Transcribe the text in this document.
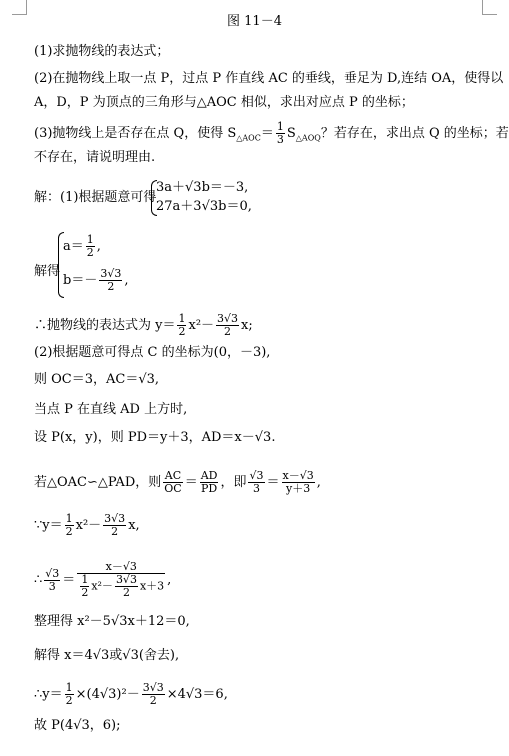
图 11－4
(1)求抛物线的表达式；
(2)在抛物线上取一点 P，过点 P 作直线 AC 的垂线，垂足为 D,连结 OA，使得以
A，D，P 为顶点的三角形与△AOC 相似，求出对应点 P 的坐标；
(3)抛物线上是否存在点 Q，使得 $S_{\triangle AOC}= \frac{1}{3} S_{\triangle AOQ}$？若存在，求出点 Q 的坐标；若
不存在，请说明理由.
解：(1)根据题意可得
3a＋√3b＝－3,
27a＋3√3b＝0,
解得
$a= \frac{1}{2}$ ,
$b=- \frac{3√3}{2}$ ,
∴抛物线的表达式为 $y= \frac{1}{2} x^2- \frac{3√3}{2} x$;
(2)根据题意可得点 C 的坐标为(0，－3),
则 OC＝3，AC＝√3,
当点 P 在直线 AD 上方时,
设 P(x，y)，则 PD＝y＋3，AD＝x－√3.
若△OAC∽△PAD，则 $\frac{AC}{OC} = \frac{AD}{PD}$ ，即 $\frac{√3}{3} = \frac{x-√3}{y+3}$ ,
∵y＝ $\frac{1}{2} x^2- \frac{3√3}{2} x$,
∴ $\frac{√3}{3} = \frac{x-√3}{\frac{1}{2} x^2- \frac{3√3}{2} x+3}$ ,
整理得 x²－5√3x＋12＝0,
解得 x＝4√3或√3(舍去),
∴y＝ $\frac{1}{2} \times(4√3)^2- \frac{3√3}{2} \times 4√3=6$,
故 P(4√3，6);
